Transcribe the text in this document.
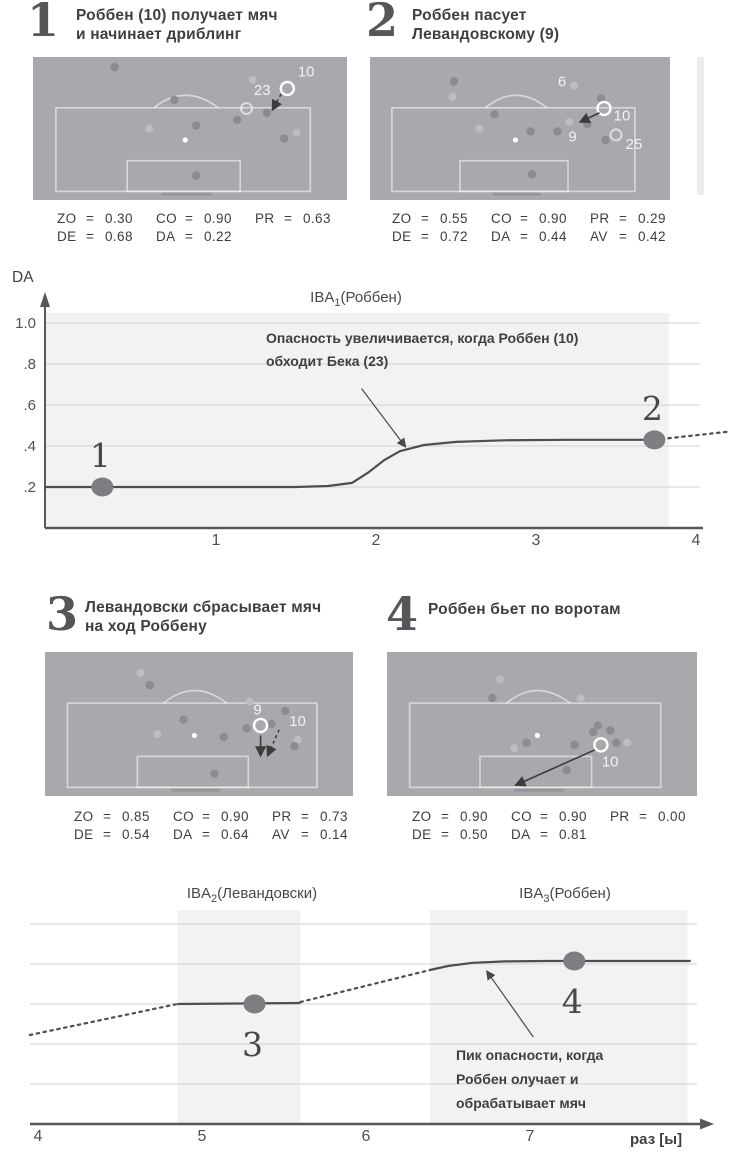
1 Роббен (10) получает мяч
и начинает дриблинг
10
23
ZO = 0.30	CO = 0.90	PR = 0.63
DE = 0.68	DA = 0.22
2 Роббен пасует
Левандовскому (9)
6
10
9	25
ZO = 0.55	CO = 0.90	PR = 0.29
DE = 0.72	DA = 0.44	AV = 0.42
DA
$IBA_1(Роббен)$
1	2	3	4
1.0
.8
.6
.4
.2
1
2
Опасность увеличивается, когда Роббен (10)
обходит Бека (23)
3 Левандовски сбрасывает мяч
на ход Роббену
9
10
ZO = 0.85	CO = 0.90	PR = 0.73
DE = 0.54	DA = 0.64	AV = 0.14
4 Роббен бьет по воротам
10
ZO = 0.90	CO = 0.90	PR = 0.00
DE = 0.50	DA = 0.81
$IBA_2(Левандовски)$	$IBA_3(Роббен)$
4	5	6	7
3
4
Пик опасности, когда
Роббен олучает и
обрабатывает мяч
раз [ы]
